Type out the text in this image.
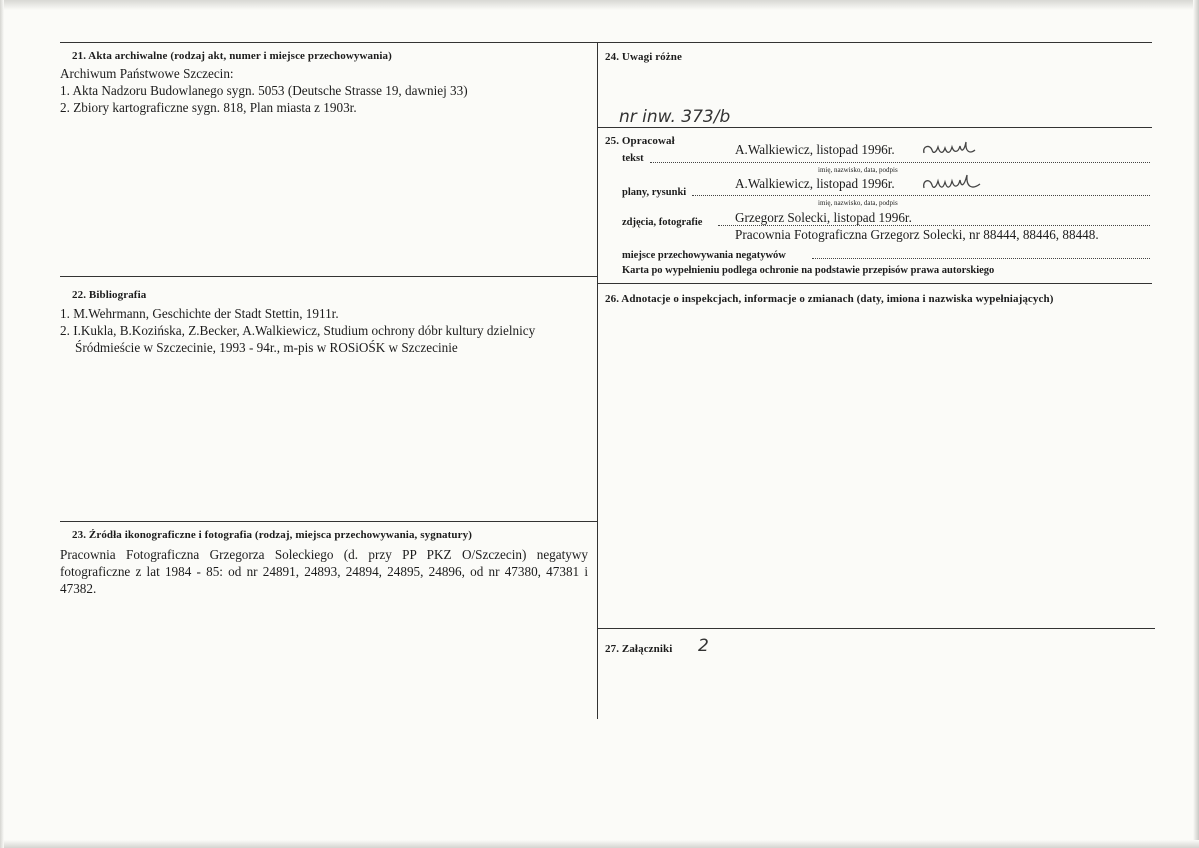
21. Akta archiwalne (rodzaj akt, numer i miejsce przechowywania)
Archiwum Państwowe Szczecin:
1. Akta Nadzoru Budowlanego sygn. 5053 (Deutsche Strasse 19, dawniej 33)
2. Zbiory kartograficzne sygn. 818, Plan miasta z 1903r.
22. Bibliografia
1. M.Wehrmann, Geschichte der Stadt Stettin, 1911r.
2. I.Kukla, B.Kozińska, Z.Becker, A.Walkiewicz, Studium ochrony dóbr kultury dzielnicy
Śródmieście w Szczecinie, 1993 - 94r., m-pis w ROSiOŚK w Szczecinie
23. Źródła ikonograficzne i fotografia (rodzaj, miejsca przechowywania, sygnatury)
Pracownia Fotograficzna Grzegorza Soleckiego (d. przy PP PKZ O/Szczecin) negatywy fotograficzne z lat 1984 - 85: od nr 24891, 24893, 24894, 24895, 24896, od nr 47380, 47381 i 47382.
24. Uwagi różne
nr inw. 373/b
25. Opracował
tekst
A.Walkiewicz, listopad 1996r.
imię, nazwisko, data, podpis
plany, rysunki
A.Walkiewicz, listopad 1996r.
imię, nazwisko, data, podpis
zdjęcia, fotografie Grzegorz Solecki, listopad 1996r.
Pracownia Fotograficzna Grzegorz Solecki, nr 88444, 88446, 88448.
miejsce przechowywania negatywów
Karta po wypełnieniu podlega ochronie na podstawie przepisów prawa autorskiego
26. Adnotacje o inspekcjach, informacje o zmianach (daty, imiona i nazwiska wypełniających)
27. Załączniki 2
